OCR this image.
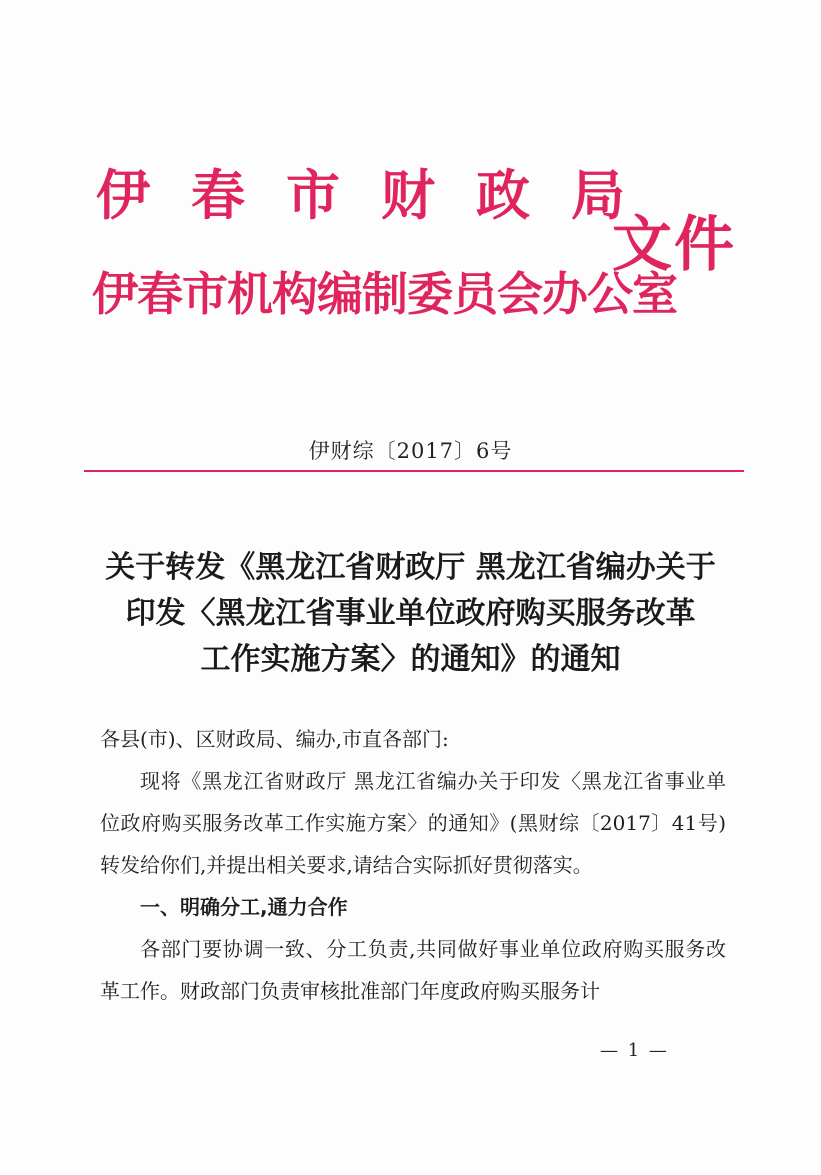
伊春市财政局
伊春市机构编制委员会办公室
文件
伊财综〔2017〕6号
关于转发《黑龙江省财政厅 黑龙江省编办关于
印发〈黑龙江省事业单位政府购买服务改革
工作实施方案〉的通知》的通知

各县(市)、区财政局、编办,市直各部门:

现将《黑龙江省财政厅 黑龙江省编办关于印发〈黑龙江省事业单位政府购买服务改革工作实施方案〉的通知》(黑财综〔2017〕41号)转发给你们,并提出相关要求,请结合实际抓好贯彻落实。

一、明确分工,通力合作

各部门要协调一致、分工负责,共同做好事业单位政府购买服务改革工作。财政部门负责审核批准部门年度政府购买服务计

— 1 —
